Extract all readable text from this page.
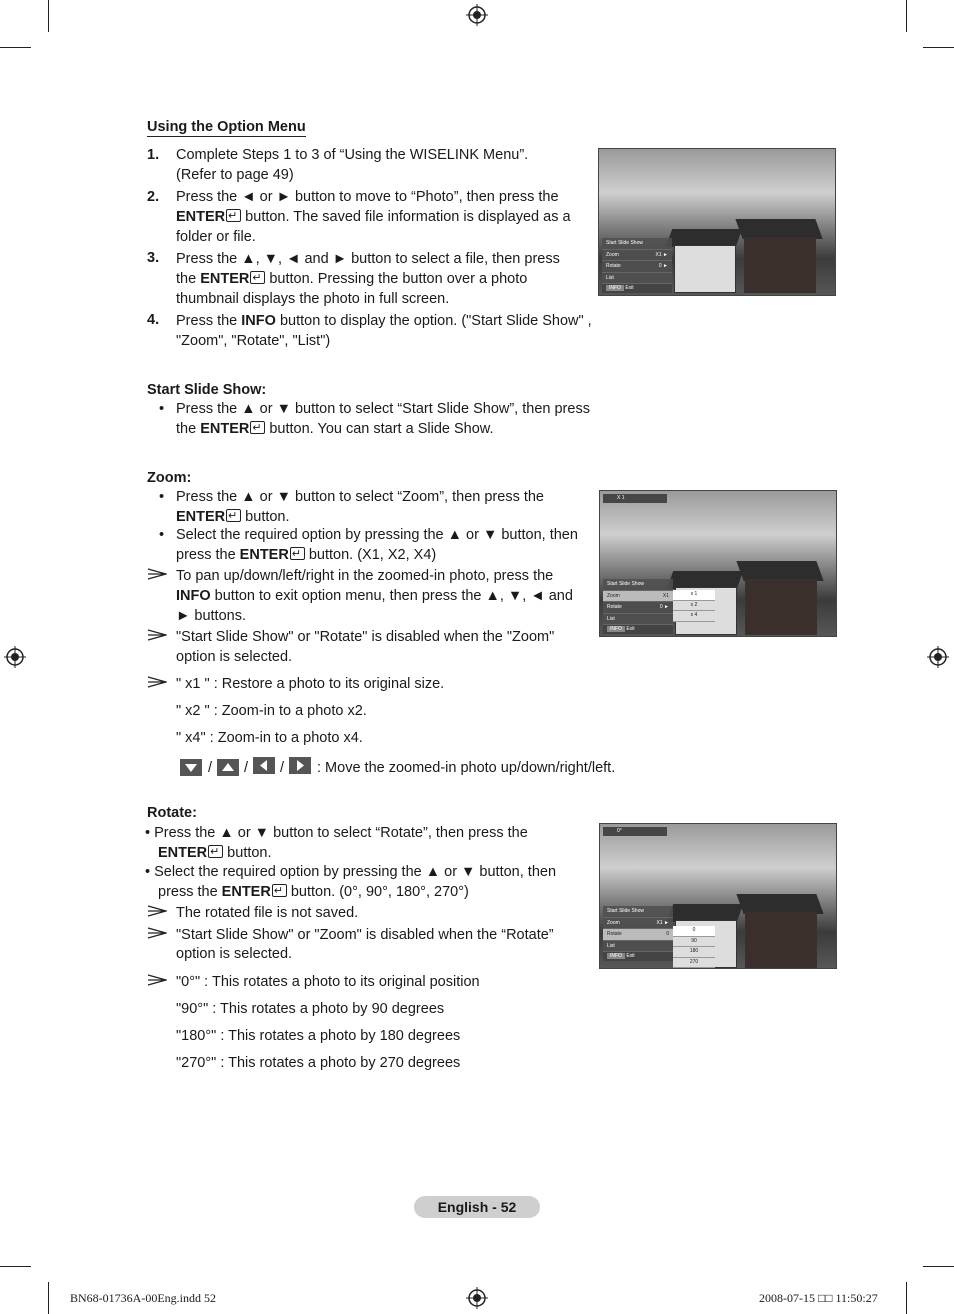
Using the Option Menu
1. Complete Steps 1 to 3 of “Using the WISELINK Menu”.
(Refer to page 49)
2. Press the ◄ or ► button to move to “Photo”, then press the
ENTER↵ button. The saved file information is displayed as a
folder or file.
3. Press the ▲, ▼, ◄ and ► button to select a file, then press
the ENTER↵ button. Pressing the button over a photo
thumbnail displays the photo in full screen.
4. Press the INFO button to display the option. ("Start Slide Show" ,
"Zoom", "Rotate", "List")
Start Slide Show
Zoom	X1 ►
Rotate	0 ►
List
INFO Exit
Start Slide Show:
• Press the ▲ or ▼ button to select “Start Slide Show”, then press
the ENTER↵ button. You can start a Slide Show.
Zoom:
• Press the ▲ or ▼ button to select “Zoom”, then press the
ENTER↵ button.
• Select the required option by pressing the ▲ or ▼ button, then
press the ENTER↵ button. (X1, X2, X4)
To pan up/down/left/right in the zoomed-in photo, press the
INFO button to exit option menu, then press the ▲, ▼, ◄ and
► buttons.
"Start Slide Show" or "Rotate" is disabled when the "Zoom"
option is selected.
" x1 " : Restore a photo to its original size.
" x2 " : Zoom-in to a photo x2.
" x4" : Zoom-in to a photo x4.
/ / / : Move the zoomed-in photo up/down/right/left.
X 1
Start Slide Show
Zoom	X1
Rotate	0 ►
List
INFO Exit
x 1
x 2
x 4
Rotate:
• Press the ▲ or ▼ button to select “Rotate”, then press the
ENTER↵ button.
• Select the required option by pressing the ▲ or ▼ button, then
press the ENTER↵ button. (0°, 90°, 180°, 270°)
The rotated file is not saved.
"Start Slide Show" or "Zoom" is disabled when the “Rotate”
option is selected.
"0°" : This rotates a photo to its original position
"90°" : This rotates a photo by 90 degrees
"180°" : This rotates a photo by 180 degrees
"270°" : This rotates a photo by 270 degrees
0°
Start Slide Show
Zoom	X1 ►
Rotate	0
List
INFO Exit
0
90
180
270
English - 52
BN68-01736A-00Eng.indd 52	2008-07-15 □□ 11:50:27
